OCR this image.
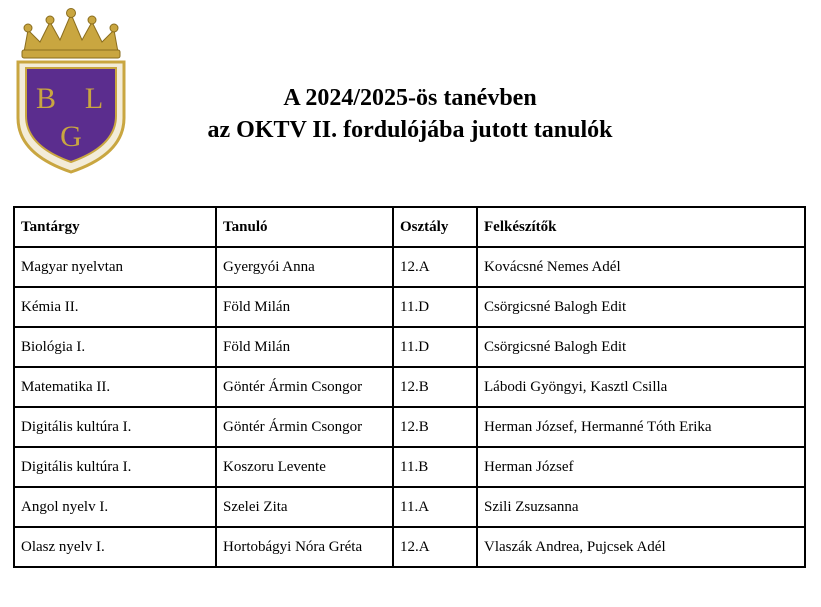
B L
G
A 2024/2025-ös tanévben
az OKTV II. fordulójába jutott tanulók
Tantárgy	Tanuló	Osztály	Felkészítők
Magyar nyelvtan	Gyergyói Anna	12.A	Kovácsné Nemes Adél
Kémia II.	Föld Milán	11.D	Csörgicsné Balogh Edit
Biológia I.	Föld Milán	11.D	Csörgicsné Balogh Edit
Matematika II.	Göntér Ármin Csongor	12.B	Lábodi Gyöngyi, Kasztl Csilla
Digitális kultúra I.	Göntér Ármin Csongor	12.B	Herman József, Hermanné Tóth Erika
Digitális kultúra I.	Koszoru Levente	11.B	Herman József
Angol nyelv I.	Szelei Zita	11.A	Szili Zsuzsanna
Olasz nyelv I.	Hortobágyi Nóra Gréta	12.A	Vlaszák Andrea, Pujcsek Adél
